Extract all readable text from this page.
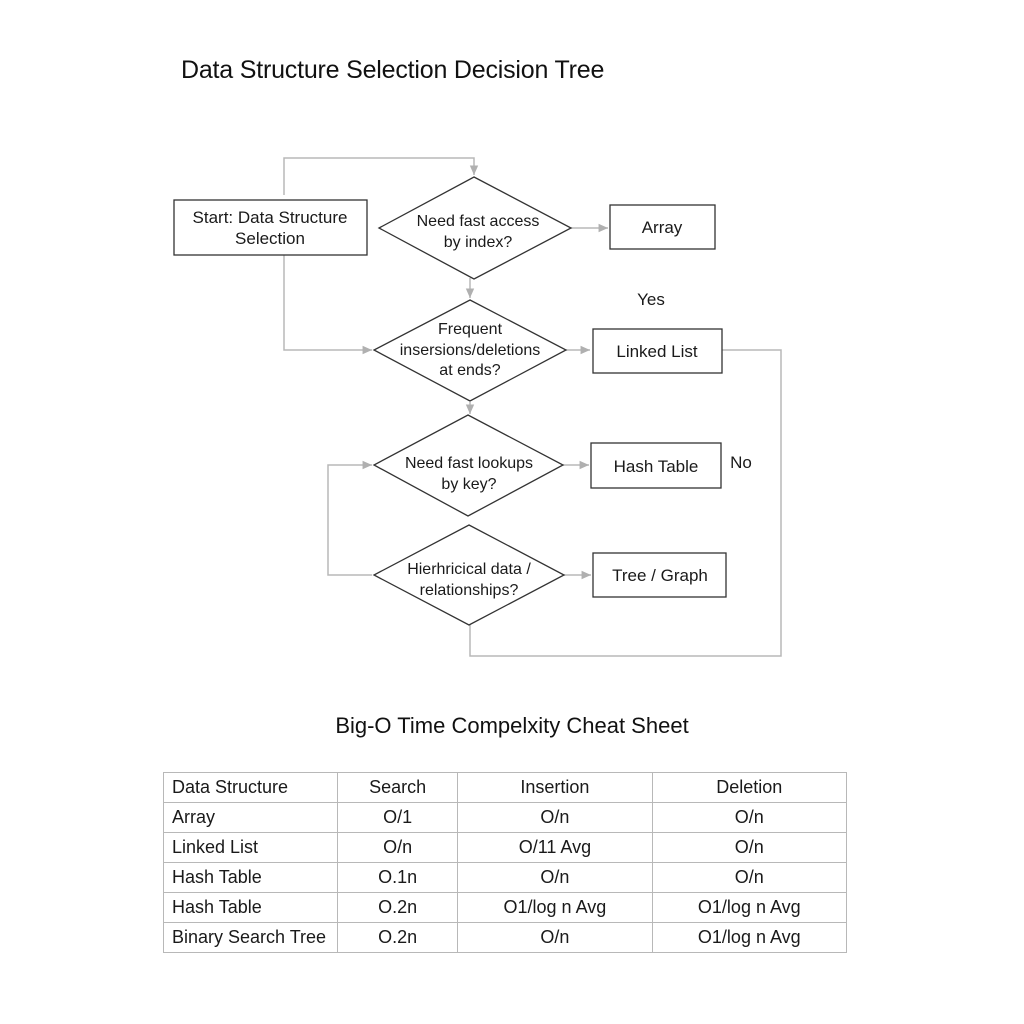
Data Structure Selection Decision Tree
Start: Data Structure
Selection
Need fast access
by index?
Frequent
insersions/deletions
at ends?
Need fast lookups
by key?
Hierhricical data /
relationships?
Array
Linked List
Hash Table
Tree / Graph
Yes
No
Big-O Time Compelxity Cheat Sheet
Data Structure	Search	Insertion	Deletion
Array	O/1	O/n	O/n
Linked List	O/n	O/11 Avg	O/n
Hash Table	O.1n	O/n	O/n
Hash Table	O.2n	O1/log n Avg	O1/log n Avg
Binary Search Tree	O.2n	O/n	O1/log n Avg
